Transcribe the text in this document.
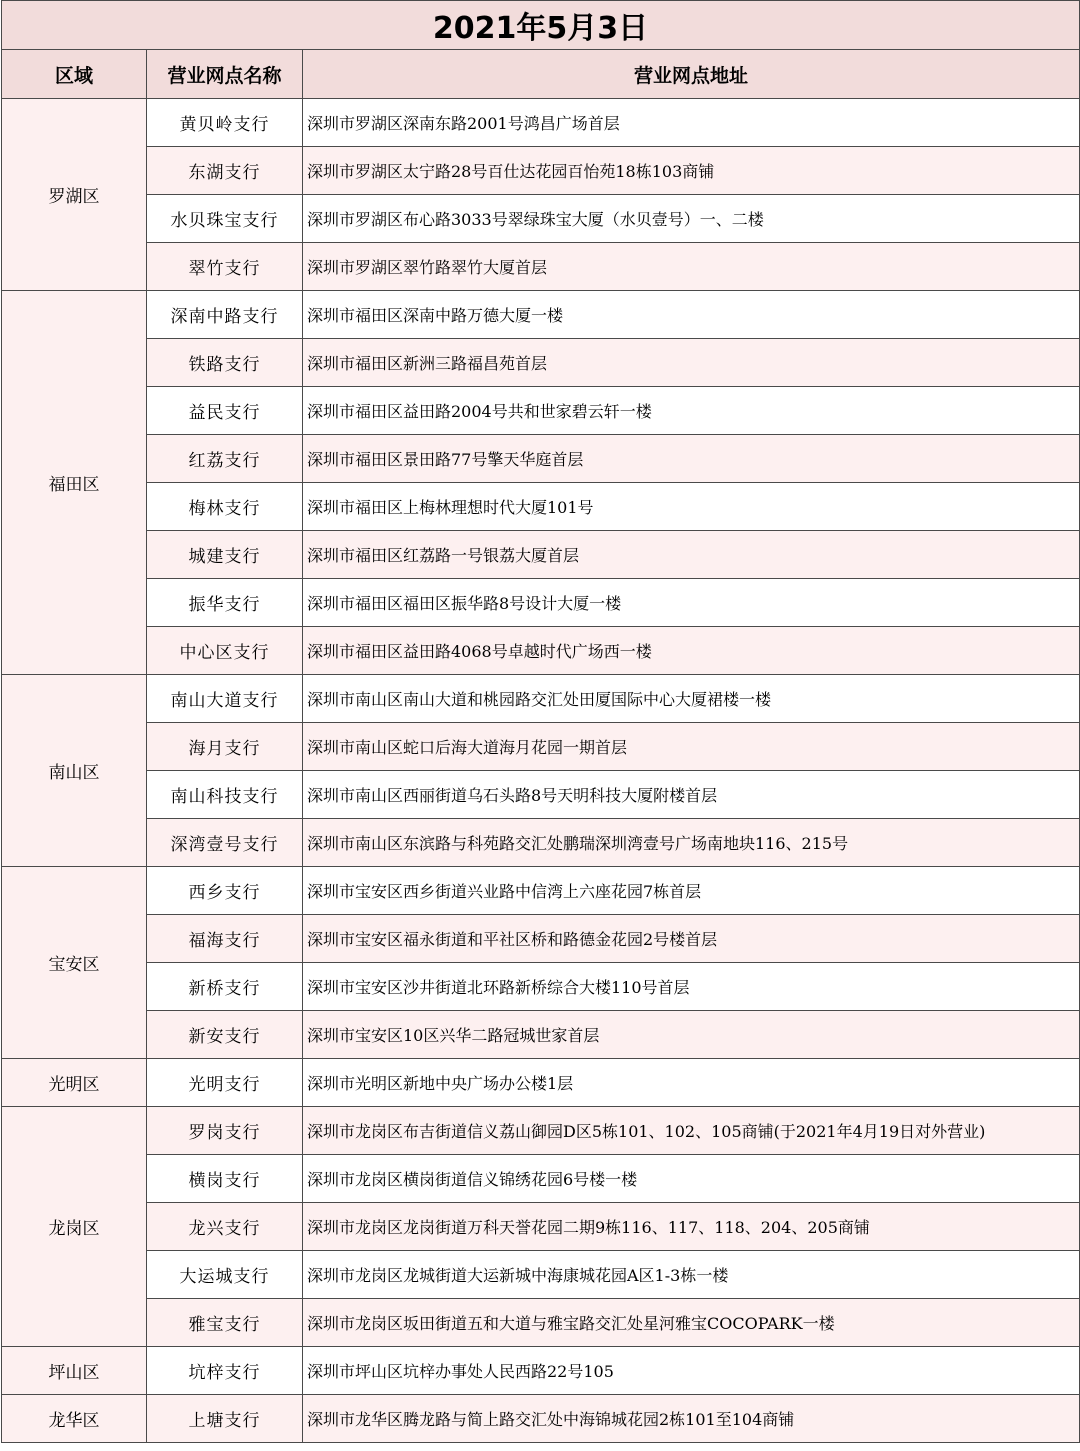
2021年5月3日		
区域	营业网点名称	营业网点地址
罗湖区	黄贝岭支行	深圳市罗湖区深南东路2001号鸿昌广场首层
	东湖支行	深圳市罗湖区太宁路28号百仕达花园百怡苑18栋103商铺
	水贝珠宝支行	深圳市罗湖区布心路3033号翠绿珠宝大厦（水贝壹号）一、二楼
	翠竹支行	深圳市罗湖区翠竹路翠竹大厦首层
福田区	深南中路支行	深圳市福田区深南中路万德大厦一楼
	铁路支行	深圳市福田区新洲三路福昌苑首层
	益民支行	深圳市福田区益田路2004号共和世家碧云轩一楼
	红荔支行	深圳市福田区景田路77号擎天华庭首层
	梅林支行	深圳市福田区上梅林理想时代大厦101号
	城建支行	深圳市福田区红荔路一号银荔大厦首层
	振华支行	深圳市福田区福田区振华路8号设计大厦一楼
	中心区支行	深圳市福田区益田路4068号卓越时代广场西一楼
南山区	南山大道支行	深圳市南山区南山大道和桃园路交汇处田厦国际中心大厦裙楼一楼
	海月支行	深圳市南山区蛇口后海大道海月花园一期首层
	南山科技支行	深圳市南山区西丽街道乌石头路8号天明科技大厦附楼首层
	深湾壹号支行	深圳市南山区东滨路与科苑路交汇处鹏瑞深圳湾壹号广场南地块116、215号
宝安区	西乡支行	深圳市宝安区西乡街道兴业路中信湾上六座花园7栋首层
	福海支行	深圳市宝安区福永街道和平社区桥和路德金花园2号楼首层
	新桥支行	深圳市宝安区沙井街道北环路新桥综合大楼110号首层
	新安支行	深圳市宝安区10区兴华二路冠城世家首层
光明区	光明支行	深圳市光明区新地中央广场办公楼1层
龙岗区	罗岗支行	深圳市龙岗区布吉街道信义荔山御园D区5栋101、102、105商铺(于2021年4月19日对外营业)
	横岗支行	深圳市龙岗区横岗街道信义锦绣花园6号楼一楼
	龙兴支行	深圳市龙岗区龙岗街道万科天誉花园二期9栋116、117、118、204、205商铺
	大运城支行	深圳市龙岗区龙城街道大运新城中海康城花园A区1-3栋一楼
	雅宝支行	深圳市龙岗区坂田街道五和大道与雅宝路交汇处星河雅宝COCOPARK一楼
坪山区	坑梓支行	深圳市坪山区坑梓办事处人民西路22号105
龙华区	上塘支行	深圳市龙华区腾龙路与简上路交汇处中海锦城花园2栋101至104商铺
